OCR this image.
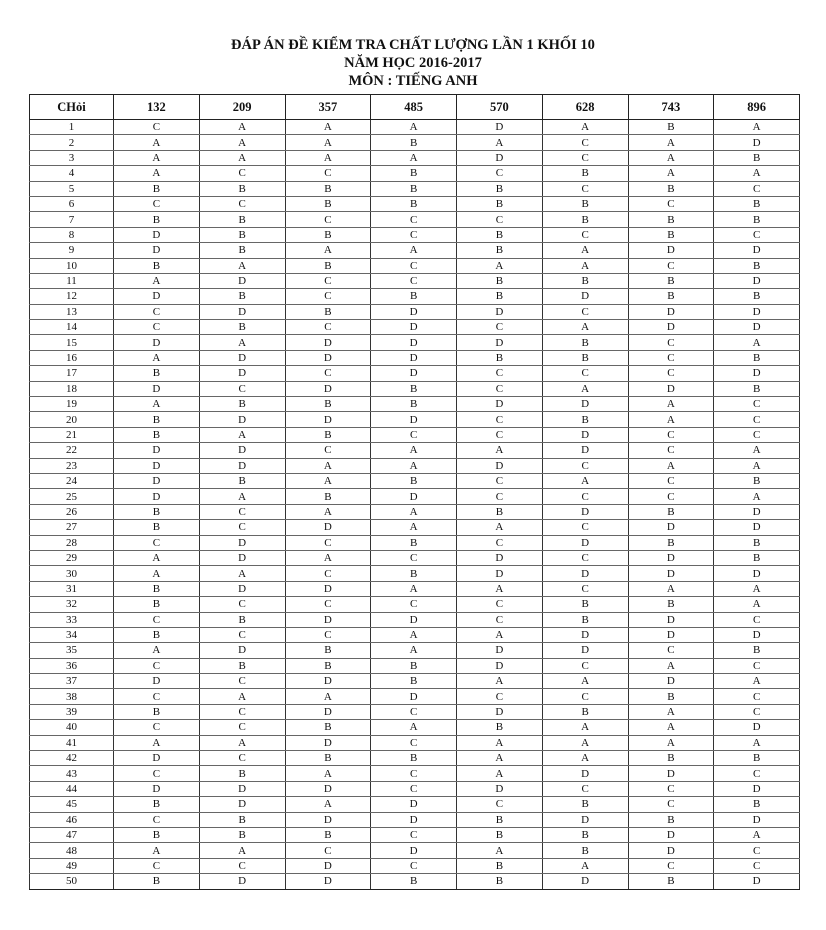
ĐÁP ÁN ĐỀ KIỂM TRA CHẤT LƯỢNG LẦN 1 KHỐI 10
NĂM HỌC 2016-2017
MÔN : TIẾNG ANH
CHỏi	132	209	357	485	570	628	743	896
1	C	A	A	A	D	A	B	A
2	A	A	A	B	A	C	A	D
3	A	A	A	A	D	C	A	B
4	A	C	C	B	C	B	A	A
5	B	B	B	B	B	C	B	C
6	C	C	B	B	B	B	C	B
7	B	B	C	C	C	B	B	B
8	D	B	B	C	B	C	B	C
9	D	B	A	A	B	A	D	D
10	B	A	B	C	A	A	C	B
11	A	D	C	C	B	B	B	D
12	D	B	C	B	B	D	B	B
13	C	D	B	D	D	C	D	D
14	C	B	C	D	C	A	D	D
15	D	A	D	D	D	B	C	A
16	A	D	D	D	B	B	C	B
17	B	D	C	D	C	C	C	D
18	D	C	D	B	C	A	D	B
19	A	B	B	B	D	D	A	C
20	B	D	D	D	C	B	A	C
21	B	A	B	C	C	D	C	C
22	D	D	C	A	A	D	C	A
23	D	D	A	A	D	C	A	A
24	D	B	A	B	C	A	C	B
25	D	A	B	D	C	C	C	A
26	B	C	A	A	B	D	B	D
27	B	C	D	A	A	C	D	D
28	C	D	C	B	C	D	B	B
29	A	D	A	C	D	C	D	B
30	A	A	C	B	D	D	D	D
31	B	D	D	A	A	C	A	A
32	B	C	C	C	C	B	B	A
33	C	B	D	D	C	B	D	C
34	B	C	C	A	A	D	D	D
35	A	D	B	A	D	D	C	B
36	C	B	B	B	D	C	A	C
37	D	C	D	B	A	A	D	A
38	C	A	A	D	C	C	B	C
39	B	C	D	C	D	B	A	C
40	C	C	B	A	B	A	A	D
41	A	A	D	C	A	A	A	A
42	D	C	B	B	A	A	B	B
43	C	B	A	C	A	D	D	C
44	D	D	D	C	D	C	C	D
45	B	D	A	D	C	B	C	B
46	C	B	D	D	B	D	B	D
47	B	B	B	C	B	B	D	A
48	A	A	C	D	A	B	D	C
49	C	C	D	C	B	A	C	C
50	B	D	D	B	B	D	B	D
